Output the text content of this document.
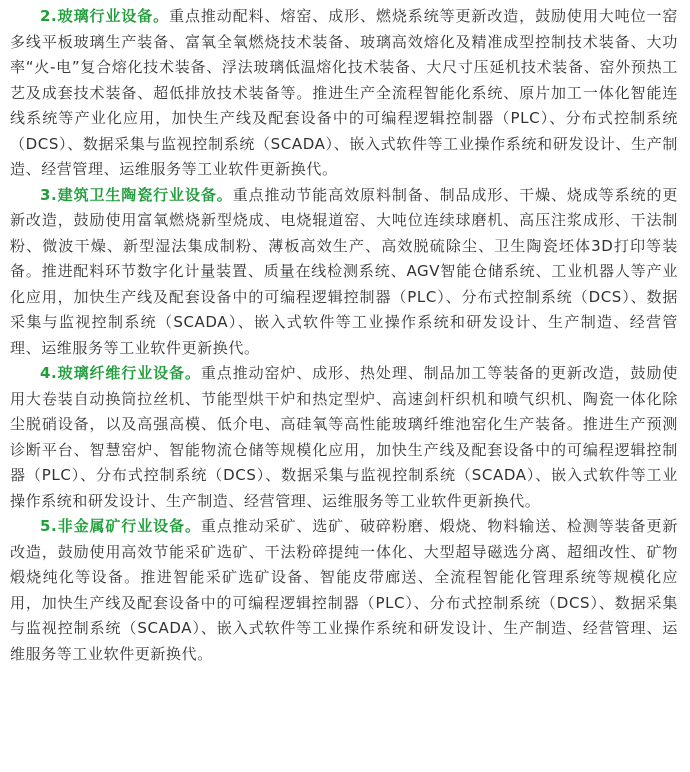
2.玻璃行业设备。重点推动配料、熔窑、成形、燃烧系统等更新改造，鼓励使用大吨位一窑多线平板玻璃生产装备、富氧全氧燃烧技术装备、玻璃高效熔化及精准成型控制技术装备、大功率“火-电”复合熔化技术装备、浮法玻璃低温熔化技术装备、大尺寸压延机技术装备、窑外预热工艺及成套技术装备、超低排放技术装备等。推进生产全流程智能化系统、原片加工一体化智能连线系统等产业化应用，加快生产线及配套设备中的可编程逻辑控制器（PLC）、分布式控制系统（DCS）、数据采集与监视控制系统（SCADA）、嵌入式软件等工业操作系统和研发设计、生产制造、经营管理、运维服务等工业软件更新换代。

3.建筑卫生陶瓷行业设备。重点推动节能高效原料制备、制品成形、干燥、烧成等系统的更新改造，鼓励使用富氧燃烧新型烧成、电烧辊道窑、大吨位连续球磨机、高压注浆成形、干法制粉、微波干燥、新型湿法集成制粉、薄板高效生产、高效脱硫除尘、卫生陶瓷坯体3D打印等装备。推进配料环节数字化计量装置、质量在线检测系统、AGV智能仓储系统、工业机器人等产业化应用，加快生产线及配套设备中的可编程逻辑控制器（PLC）、分布式控制系统（DCS）、数据采集与监视控制系统（SCADA）、嵌入式软件等工业操作系统和研发设计、生产制造、经营管理、运维服务等工业软件更新换代。

4.玻璃纤维行业设备。重点推动窑炉、成形、热处理、制品加工等装备的更新改造，鼓励使用大卷装自动换筒拉丝机、节能型烘干炉和热定型炉、高速剑杆织机和喷气织机、陶瓷一体化除尘脱硝设备，以及高强高模、低介电、高硅氧等高性能玻璃纤维池窑化生产装备。推进生产预测诊断平台、智慧窑炉、智能物流仓储等规模化应用，加快生产线及配套设备中的可编程逻辑控制器（PLC）、分布式控制系统（DCS）、数据采集与监视控制系统（SCADA）、嵌入式软件等工业操作系统和研发设计、生产制造、经营管理、运维服务等工业软件更新换代。

5.非金属矿行业设备。重点推动采矿、选矿、破碎粉磨、煅烧、物料输送、检测等装备更新改造，鼓励使用高效节能采矿选矿、干法粉碎提纯一体化、大型超导磁选分离、超细改性、矿物煅烧纯化等设备。推进智能采矿选矿设备、智能皮带廊送、全流程智能化管理系统等规模化应用，加快生产线及配套设备中的可编程逻辑控制器（PLC）、分布式控制系统（DCS）、数据采集与监视控制系统（SCADA）、嵌入式软件等工业操作系统和研发设计、生产制造、经营管理、运维服务等工业软件更新换代。
